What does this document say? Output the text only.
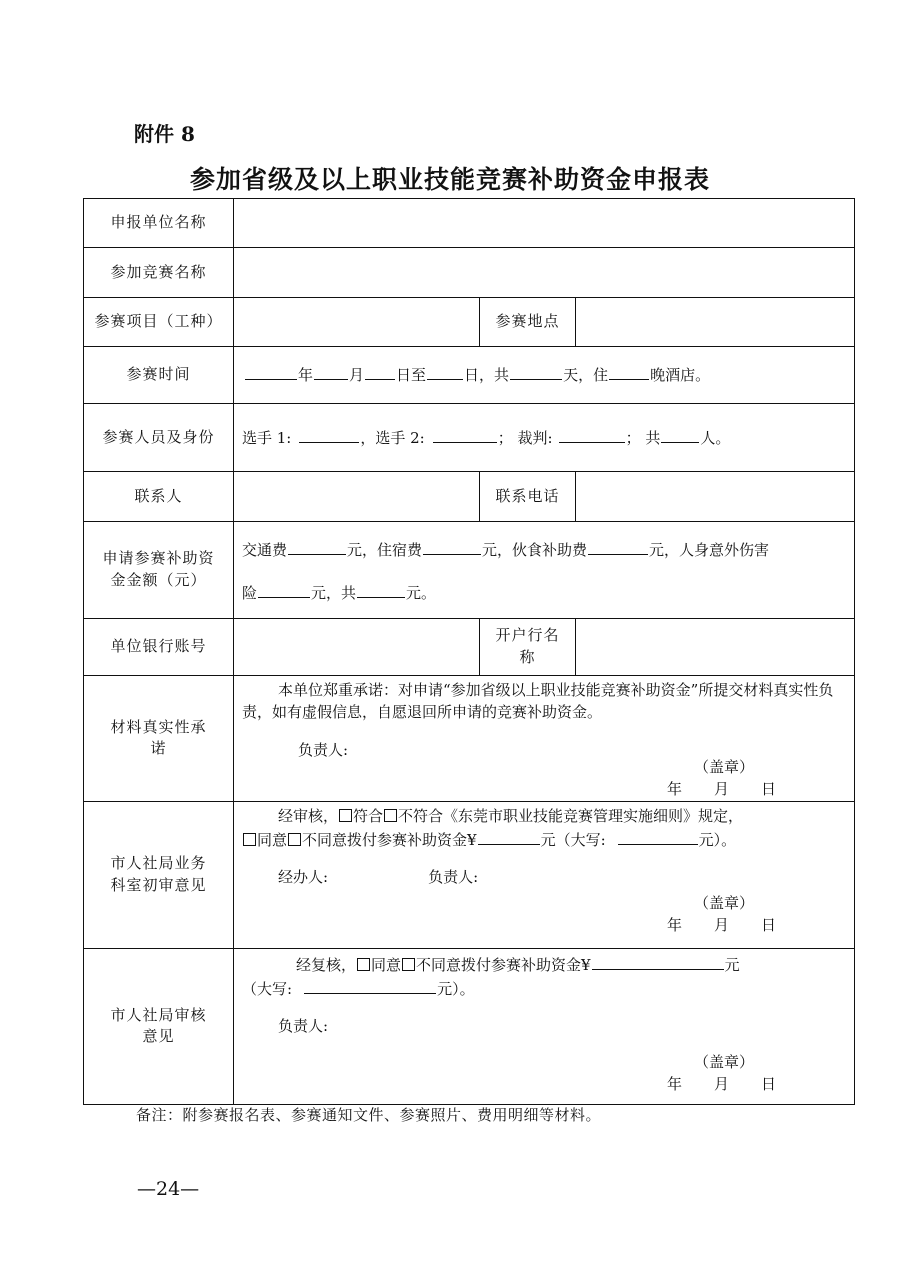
附件 8
参加省级及以上职业技能竞赛补助资金申报表
申报单位名称			
参加竞赛名称			
参赛项目（工种）		参赛地点	
参赛时间	年 月 日至 日，共 天，住 晚酒店。		

参赛人员及身份	选手 1: ，选手 2: ； 裁判: ； 共 人。		

联系人		联系电话	
申请参赛补助资金金额（元）	交通费 元，住宿费 元，伙食补助费 元，人身意外伤害
险 元，共 元。		

单位银行账号		开户行名称	
材料真实性承诺	本单位郑重承诺：对申请“参加省级以上职业技能竞赛补助资金”所提交材料真实性负责，如有虚假信息，自愿退回所申请的竞赛补助资金。
负责人:
（盖章）
年 月 日		

市人社局业务科室初审意见	经审核， 符合 不符合《东莞市职业技能竞赛管理实施细则》规定，
同意 不同意拨付参赛补助资金¥ 元（大写: 元）。
经办人: 负责人:
（盖章）
年 月 日		

市人社局审核意见	经复核， 同意 不同意拨付参赛补助资金¥ 元
（大写: 元）。
负责人:
（盖章）
年 月 日		
备注：附参赛报名表、参赛通知文件、参赛照片、费用明细等材料。
—24—
